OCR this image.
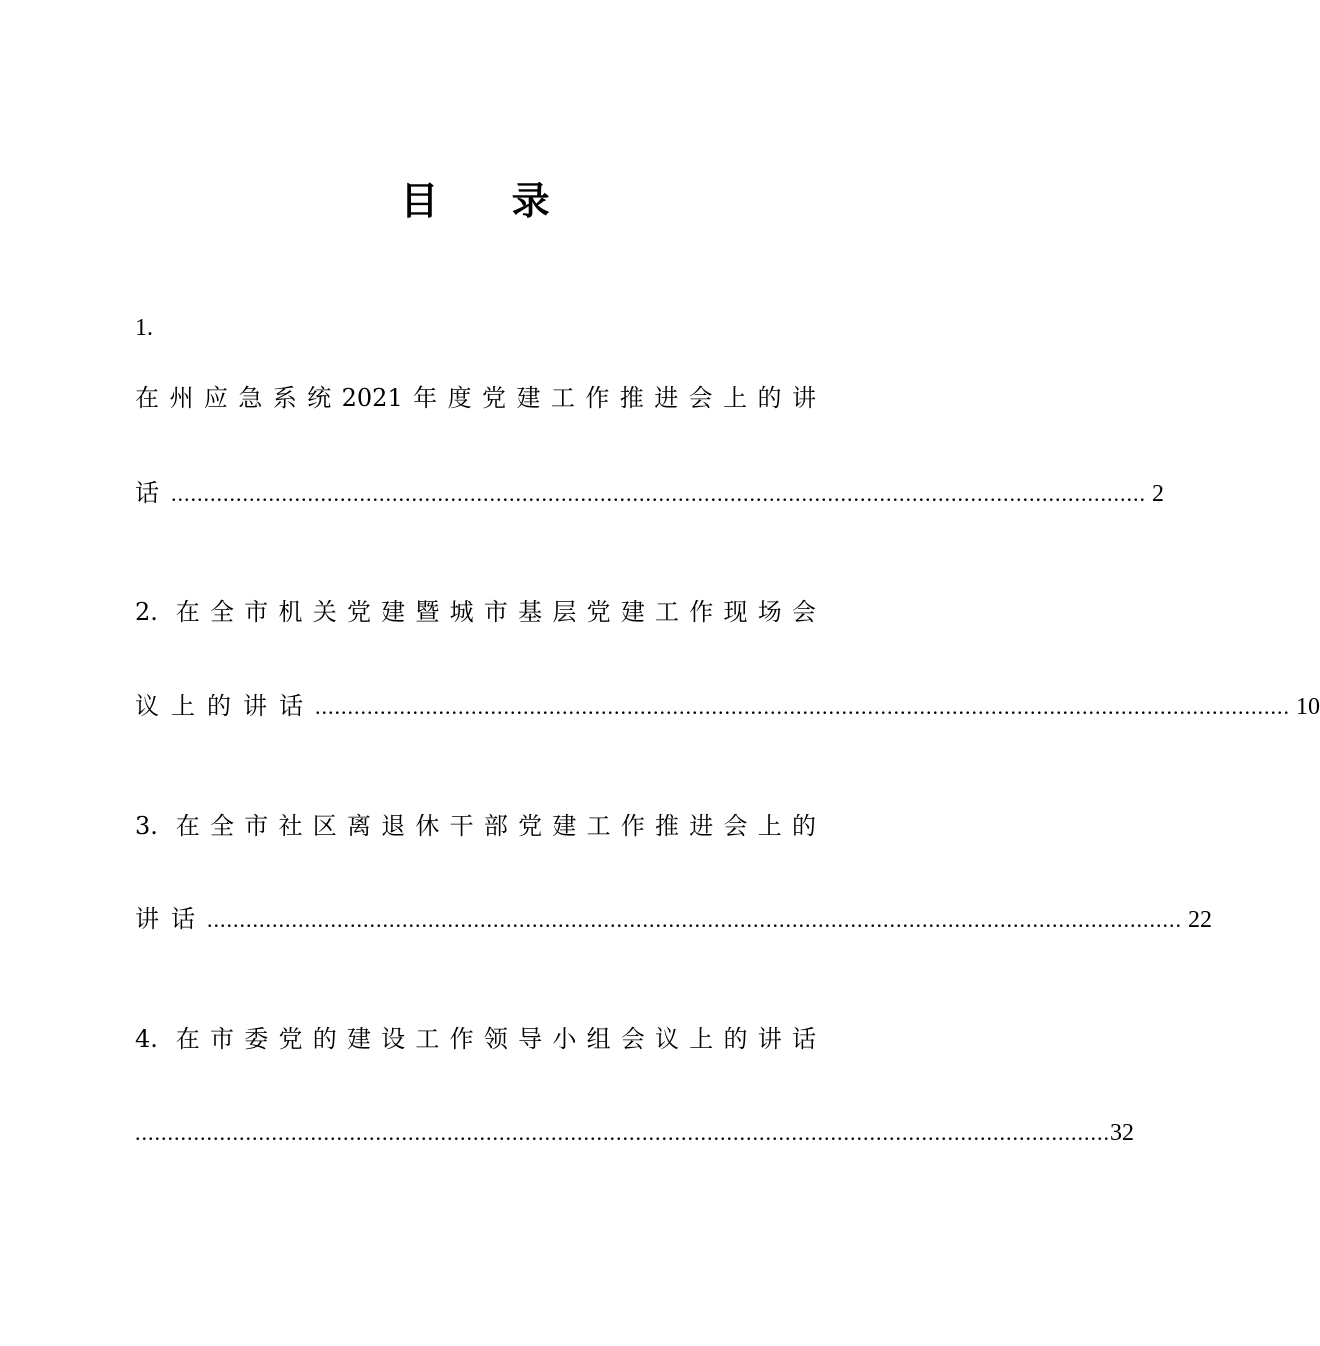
目 录
1.
在州应急系统2021年度党建工作推进会上的讲
话 ...................................................................................................................................................... 2
2. 在全市机关党建暨城市基层党建工作现场会
议上的讲话 ...................................................................................................................................................... 10
3. 在全市社区离退休干部党建工作推进会上的
讲话 ...................................................................................................................................................... 22
4. 在市委党的建设工作领导小组会议上的讲话
...................................................................................................................................................... 32
